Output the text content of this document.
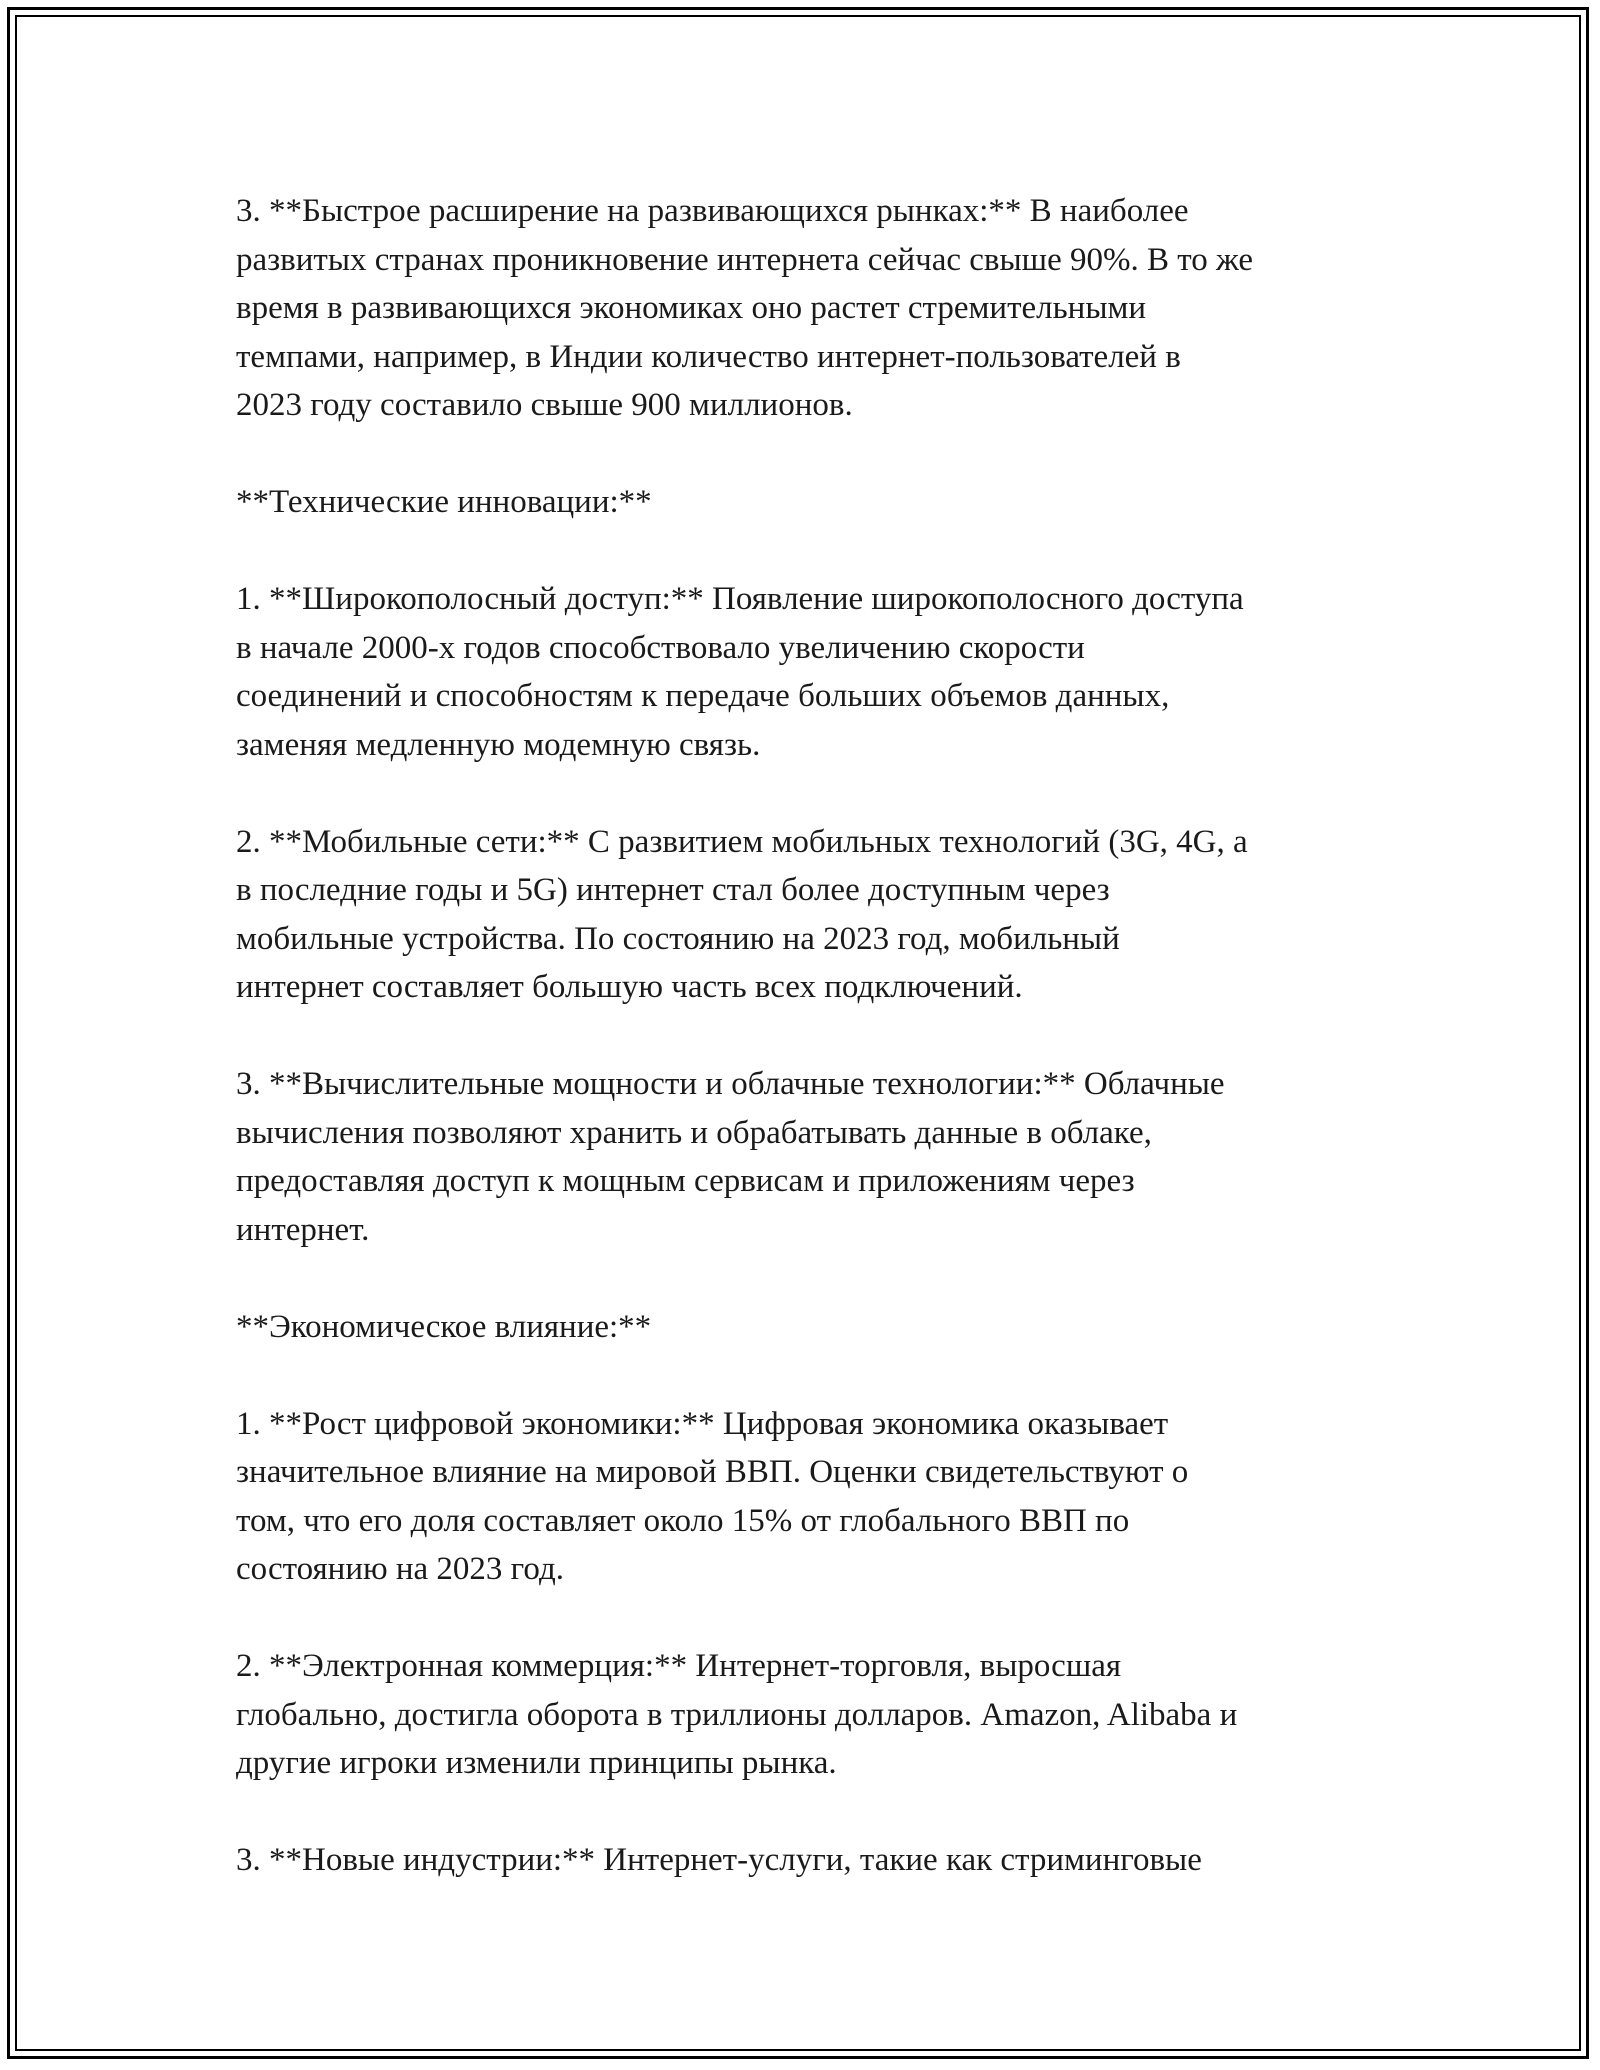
3. **Быстрое расширение на развивающихся рынках:** В наиболее
развитых странах проникновение интернета сейчас свыше 90%. В то же
время в развивающихся экономиках оно растет стремительными
темпами, например, в Индии количество интернет-пользователей в
2023 году составило свыше 900 миллионов.

**Технические инновации:**

1. **Широкополосный доступ:** Появление широкополосного доступа
в начале 2000-х годов способствовало увеличению скорости
соединений и способностям к передаче больших объемов данных,
заменяя медленную модемную связь.

2. **Мобильные сети:** С развитием мобильных технологий (3G, 4G, а
в последние годы и 5G) интернет стал более доступным через
мобильные устройства. По состоянию на 2023 год, мобильный
интернет составляет большую часть всех подключений.

3. **Вычислительные мощности и облачные технологии:** Облачные
вычисления позволяют хранить и обрабатывать данные в облаке,
предоставляя доступ к мощным сервисам и приложениям через
интернет.

**Экономическое влияние:**

1. **Рост цифровой экономики:** Цифровая экономика оказывает
значительное влияние на мировой ВВП. Оценки свидетельствуют о
том, что его доля составляет около 15% от глобального ВВП по
состоянию на 2023 год.

2. **Электронная коммерция:** Интернет-торговля, выросшая
глобально, достигла оборота в триллионы долларов. Amazon, Alibaba и
другие игроки изменили принципы рынка.

3. **Новые индустрии:** Интернет-услуги, такие как стриминговые
